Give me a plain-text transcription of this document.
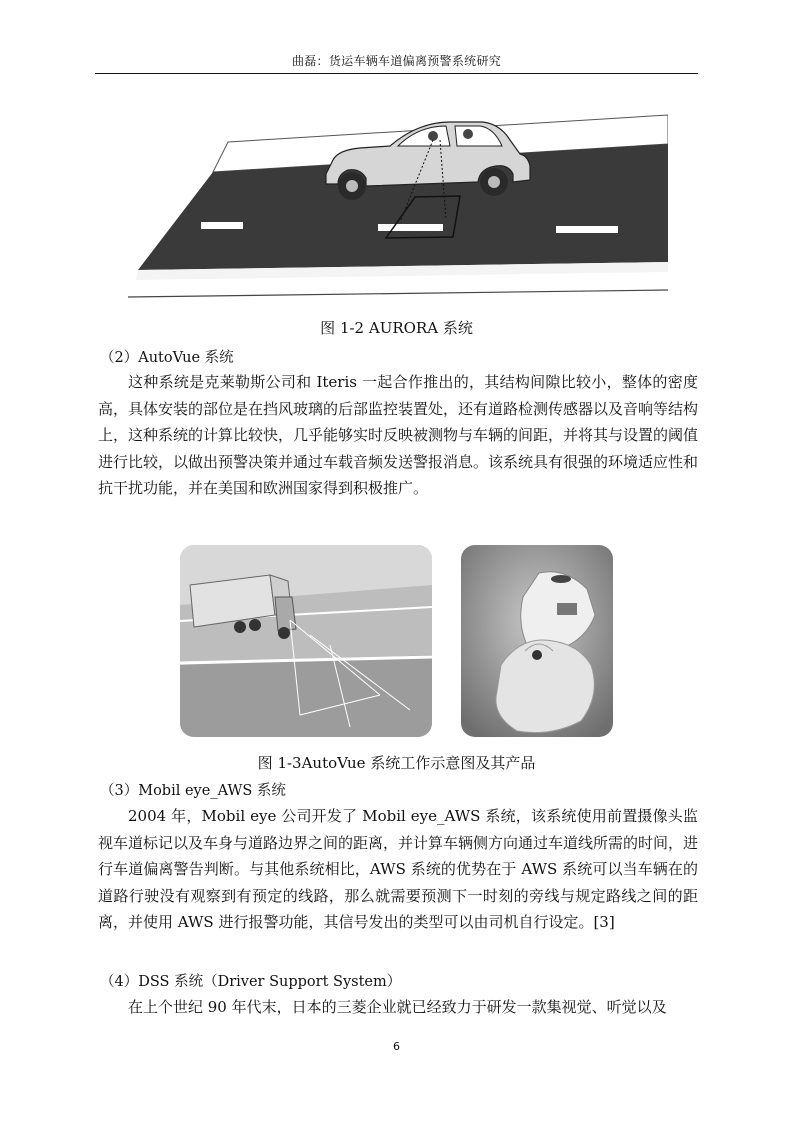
曲磊：货运车辆车道偏离预警系统研究
图 1-2 AURORA 系统
（2）AutoVue 系统

这种系统是克莱勒斯公司和 Iteris 一起合作推出的，其结构间隙比较小，整体的密度高，具体安装的部位是在挡风玻璃的后部监控装置处，还有道路检测传感器以及音响等结构上，这种系统的计算比较快，几乎能够实时反映被测物与车辆的间距，并将其与设置的阈值进行比较，以做出预警决策并通过车载音频发送警报消息。该系统具有很强的环境适应性和抗干扰功能，并在美国和欧洲国家得到积极推广。

图 1-3AutoVue 系统工作示意图及其产品
（3）Mobil eye_AWS 系统

2004 年，Mobil eye 公司开发了 Mobil eye_AWS 系统，该系统使用前置摄像头监视车道标记以及车身与道路边界之间的距离，并计算车辆侧方向通过车道线所需的时间，进行车道偏离警告判断。与其他系统相比，AWS 系统的优势在于 AWS 系统可以当车辆在的道路行驶没有观察到有预定的线路，那么就需要预测下一时刻的旁线与规定路线之间的距离，并使用 AWS 进行报警功能，其信号发出的类型可以由司机自行设定。[3]

（4）DSS 系统（Driver Support System）

在上个世纪 90 年代末，日本的三菱企业就已经致力于研发一款集视觉、听觉以及

6
